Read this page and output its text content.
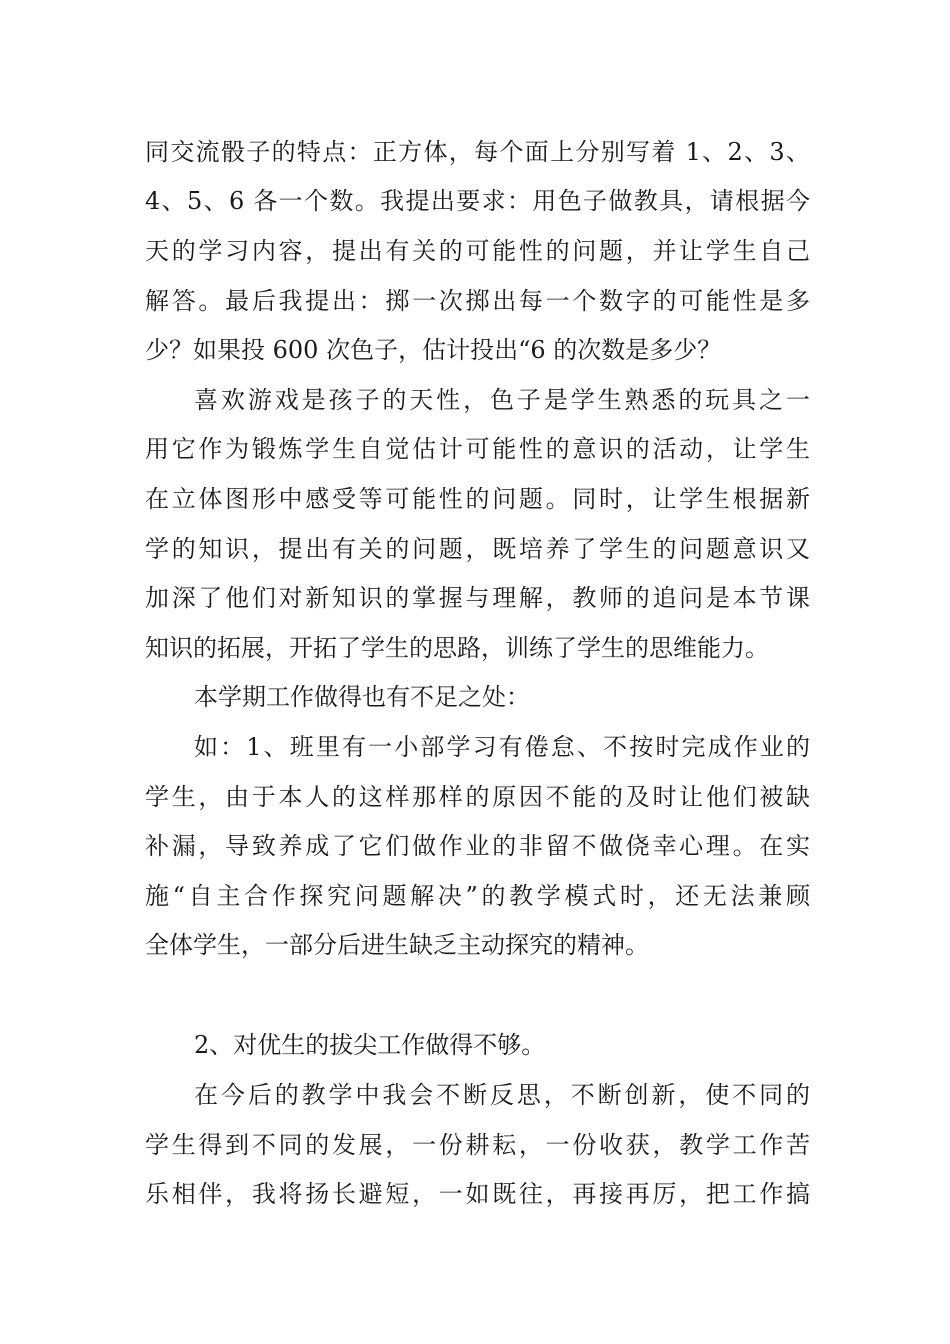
同交流骰子的特点：正方体，每个面上分别写着 1、2、3、
4、5、6 各一个数。我提出要求：用色子做教具，请根据今
天的学习内容，提出有关的可能性的问题，并让学生自己
解答。最后我提出：掷一次掷出每一个数字的可能性是多
少？如果投 600 次色子，估计投出“6 的次数是多少？
喜欢游戏是孩子的天性，色子是学生熟悉的玩具之一
用它作为锻炼学生自觉估计可能性的意识的活动，让学生
在立体图形中感受等可能性的问题。同时，让学生根据新
学的知识，提出有关的问题，既培养了学生的问题意识又
加深了他们对新知识的掌握与理解，教师的追问是本节课
知识的拓展，开拓了学生的思路，训练了学生的思维能力。
本学期工作做得也有不足之处：
如：1、班里有一小部学习有倦怠、不按时完成作业的
学生，由于本人的这样那样的原因不能的及时让他们被缺
补漏，导致养成了它们做作业的非留不做侥幸心理。在实
施“自主合作探究问题解决”的教学模式时，还无法兼顾
全体学生，一部分后进生缺乏主动探究的精神。
2、对优生的拔尖工作做得不够。
在今后的教学中我会不断反思，不断创新，使不同的
学生得到不同的发展，一份耕耘，一份收获，教学工作苦
乐相伴，我将扬长避短，一如既往，再接再厉，把工作搞
